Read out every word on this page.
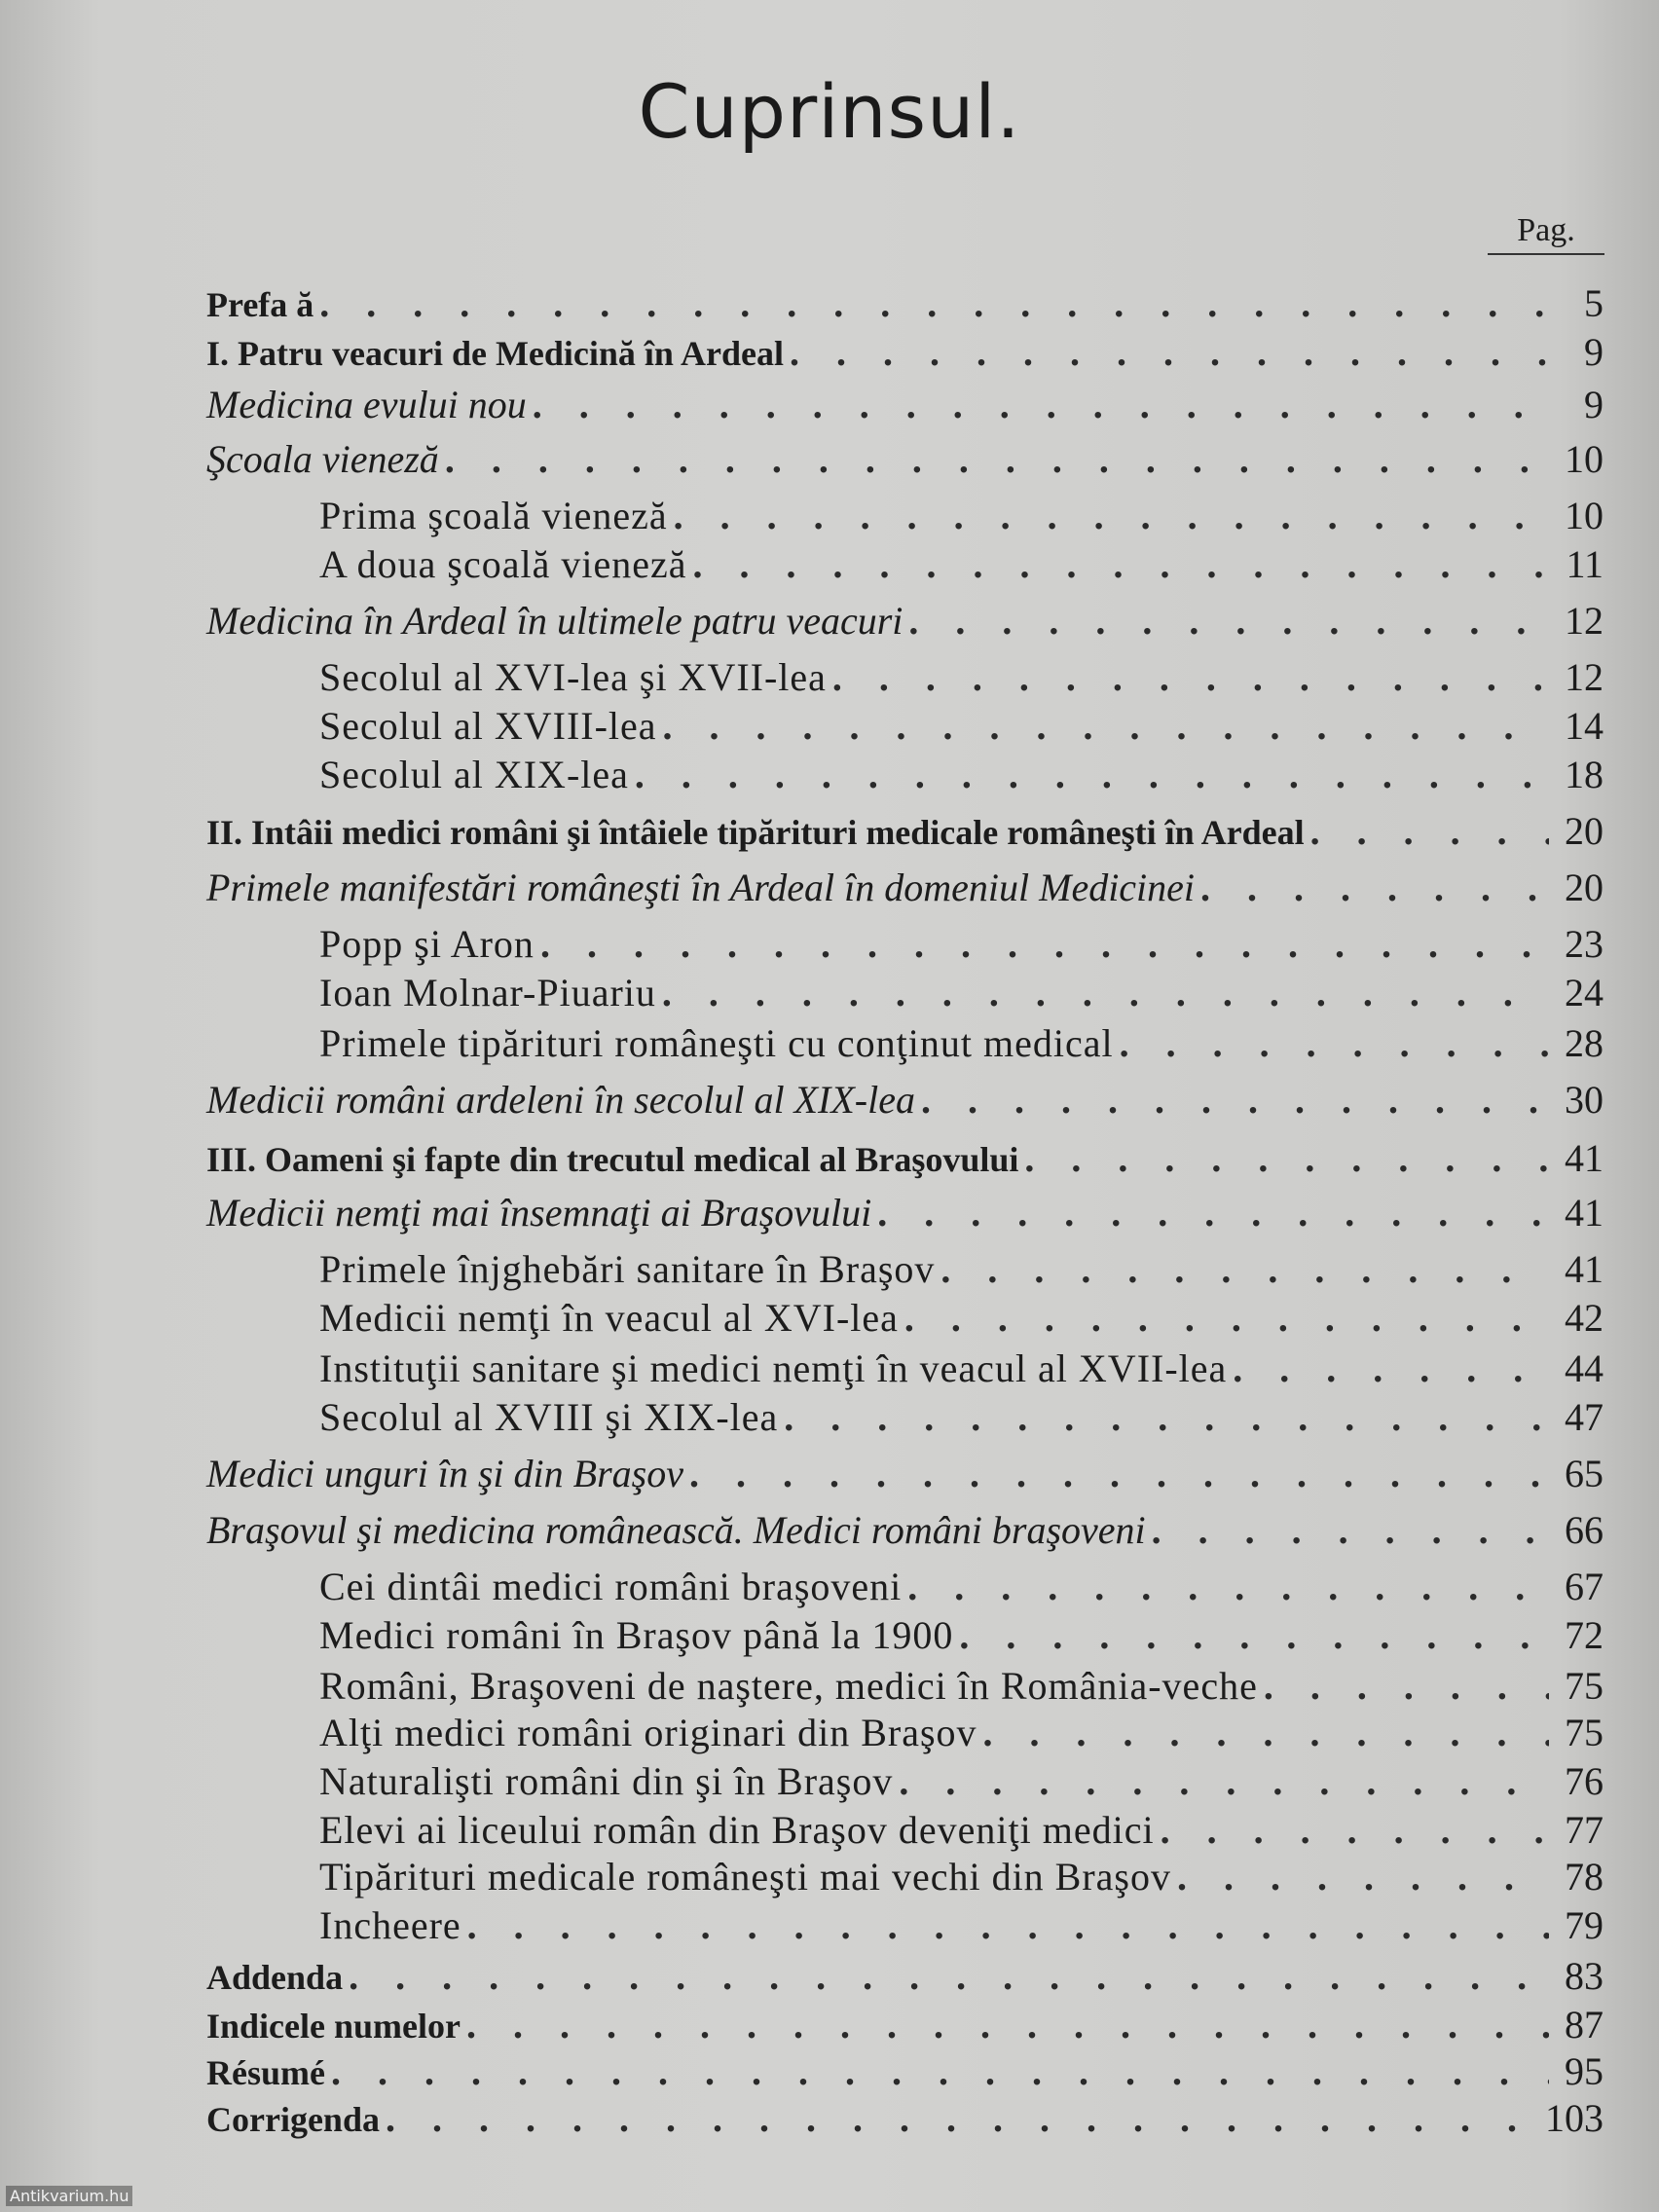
Cuprinsul.
Pag.
Prefa ă . . .	5
I. Patru veacuri de Medicină în Ardeal . . .	9
Medicina evului nou . . .	9
Şcoala vieneză . . .	10
Prima şcoală vieneză . . .	10
A doua şcoală vieneză . . .	11
Medicina în Ardeal în ultimele patru veacuri . . .	12
Secolul al XVI-lea şi XVII-lea . . .	12
Secolul al XVIII-lea . . .	14
Secolul al XIX-lea . . .	18
II. Intâii medici români şi întâiele tipărituri medicale româneşti în Ardeal . . .	20
Primele manifestări româneşti în Ardeal în domeniul Medicinei . . .	20
Popp şi Aron . . .	23
Ioan Molnar-Piuariu . . .	24
Primele tipărituri româneşti cu conţinut medical . . .	28
Medicii români ardeleni în secolul al XIX-lea . . .	30
III. Oameni şi fapte din trecutul medical al Braşovului . . .	41
Medicii nemţi mai însemnaţi ai Braşovului . . .	41
Primele înjghebări sanitare în Braşov . . .	41
Medicii nemţi în veacul al XVI-lea . . .	42
Instituţii sanitare şi medici nemţi în veacul al XVII-lea . . .	44
Secolul al XVIII şi XIX-lea . . .	47
Medici unguri în şi din Braşov . . .	65
Braşovul şi medicina românească. Medici români braşoveni . . .	66
Cei dintâi medici români braşoveni . . .	67
Medici români în Braşov până la 1900 . . .	72
Români, Braşoveni de naştere, medici în România-veche . . .	75
Alţi medici români originari din Braşov . . .	75
Naturalişti români din şi în Braşov . . .	76
Elevi ai liceului român din Braşov deveniţi medici . . .	77
Tipărituri medicale româneşti mai vechi din Braşov . . .	78
Incheere . . .	79
Addenda . . .	83
Indicele numelor . . .	87
Résumé . . .	95
Corrigenda . . .	103
Antikvarium.hu
